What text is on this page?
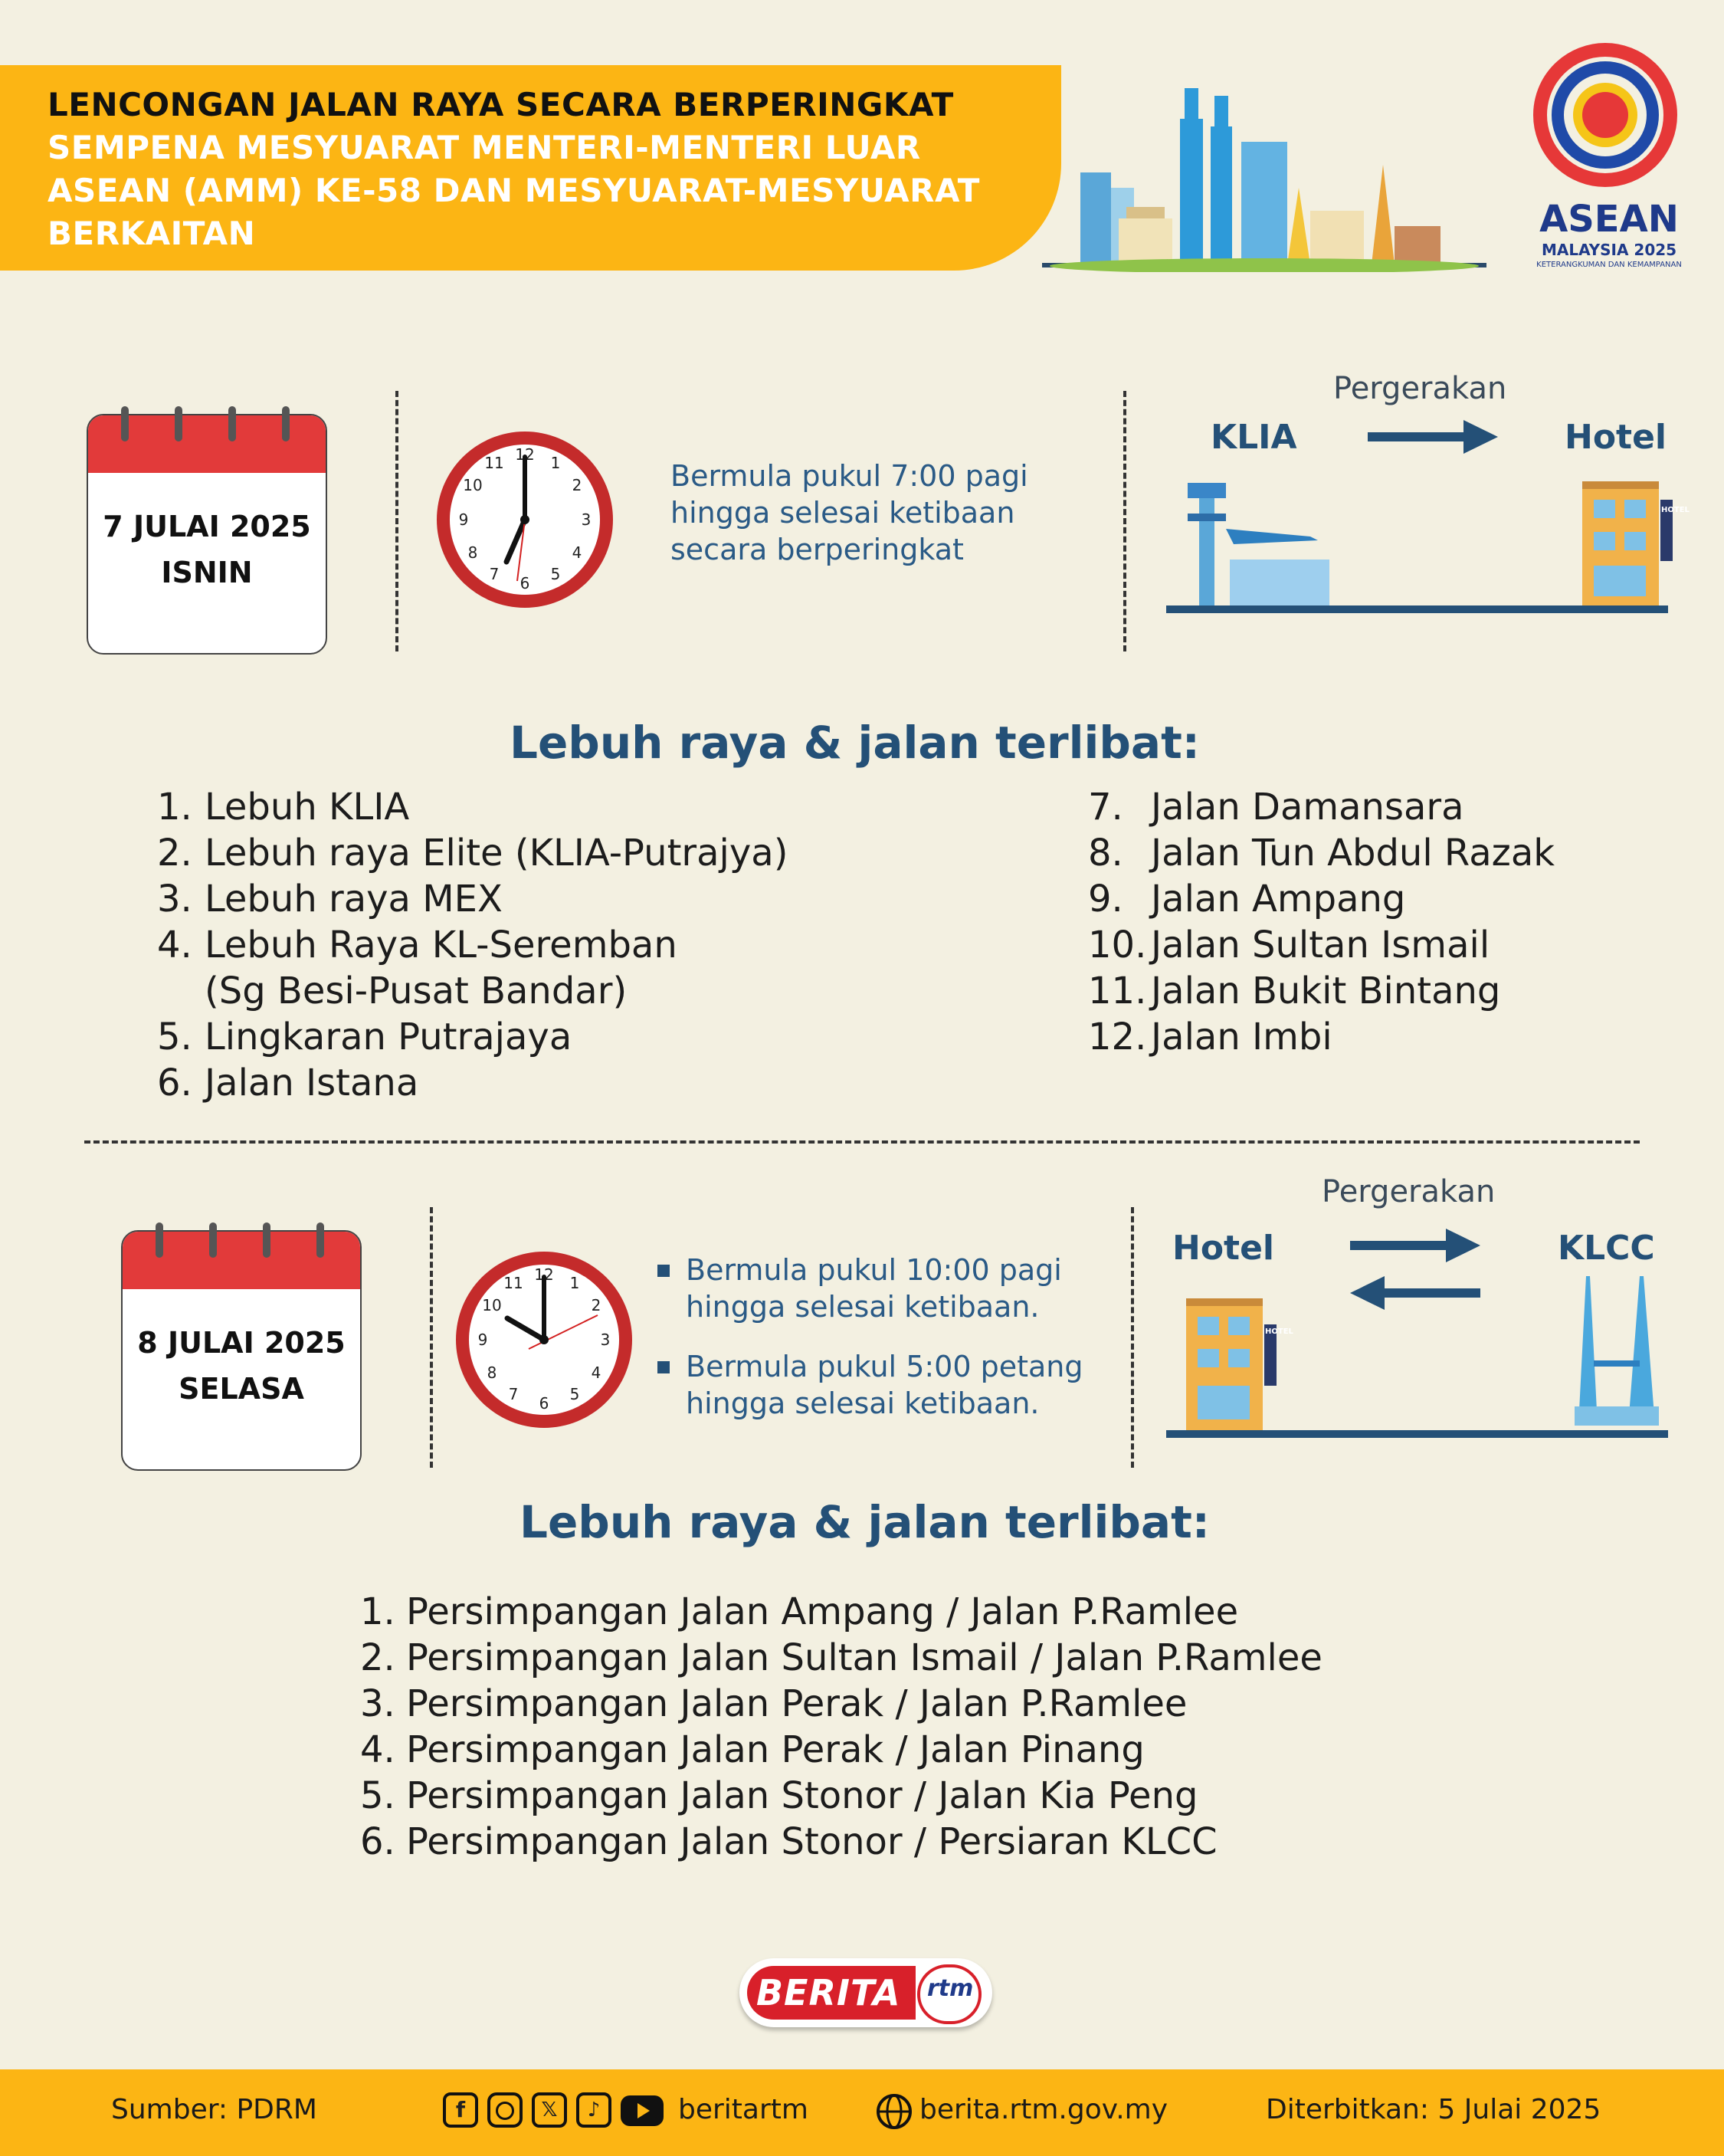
LENCONGAN JALAN RAYA SECARA BERPERINGKAT
SEMPENA MESYUARAT MENTERI-MENTERI LUAR
ASEAN (AMM) KE-58 DAN MESYUARAT-MESYUARAT
BERKAITAN	ASEAN
MALAYSIA 2025
KETERANGKUMAN DAN KEMAMPANAN
7 JULAI 2025
ISNIN
12 1
2
3
4
5
6
7
8
9
10
11	Bermula pukul 7:00 pagi
hingga selesai ketibaan
secara berperingkat
Pergerakan
KLIA	Hotel
HOTEL
Lebuh raya & jalan terlibat:
1. Lebuh KLIA
2. Lebuh raya Elite (KLIA-Putrajya)
3. Lebuh raya MEX
4. Lebuh Raya KL-Seremban
(Sg Besi-Pusat Bandar)
5. Lingkaran Putrajaya
6. Jalan Istana
7. Jalan Damansara
8. Jalan Tun Abdul Razak
9. Jalan Ampang
10. Jalan Sultan Ismail
11. Jalan Bukit Bintang
12. Jalan Imbi
8 JULAI 2025
SELASA
12 1
2
3
4
5
6
7
8
9
10
11	Bermula pukul 10:00 pagi
hingga selesai ketibaan.
Bermula pukul 5:00 petang
hingga selesai ketibaan.
Pergerakan
Hotel	KLCC
HOTEL
Lebuh raya & jalan terlibat:
1. Persimpangan Jalan Ampang / Jalan P.Ramlee
2. Persimpangan Jalan Sultan Ismail / Jalan P.Ramlee
3. Persimpangan Jalan Perak / Jalan P.Ramlee
4. Persimpangan Jalan Perak / Jalan Pinang
5. Persimpangan Jalan Stonor / Jalan Kia Peng
6. Persimpangan Jalan Stonor / Persiaran KLCC
BERITA rtm
Sumber: PDRM	f	𝕏	♪	beritartm	berita.rtm.gov.my	Diterbitkan: 5 Julai 2025
